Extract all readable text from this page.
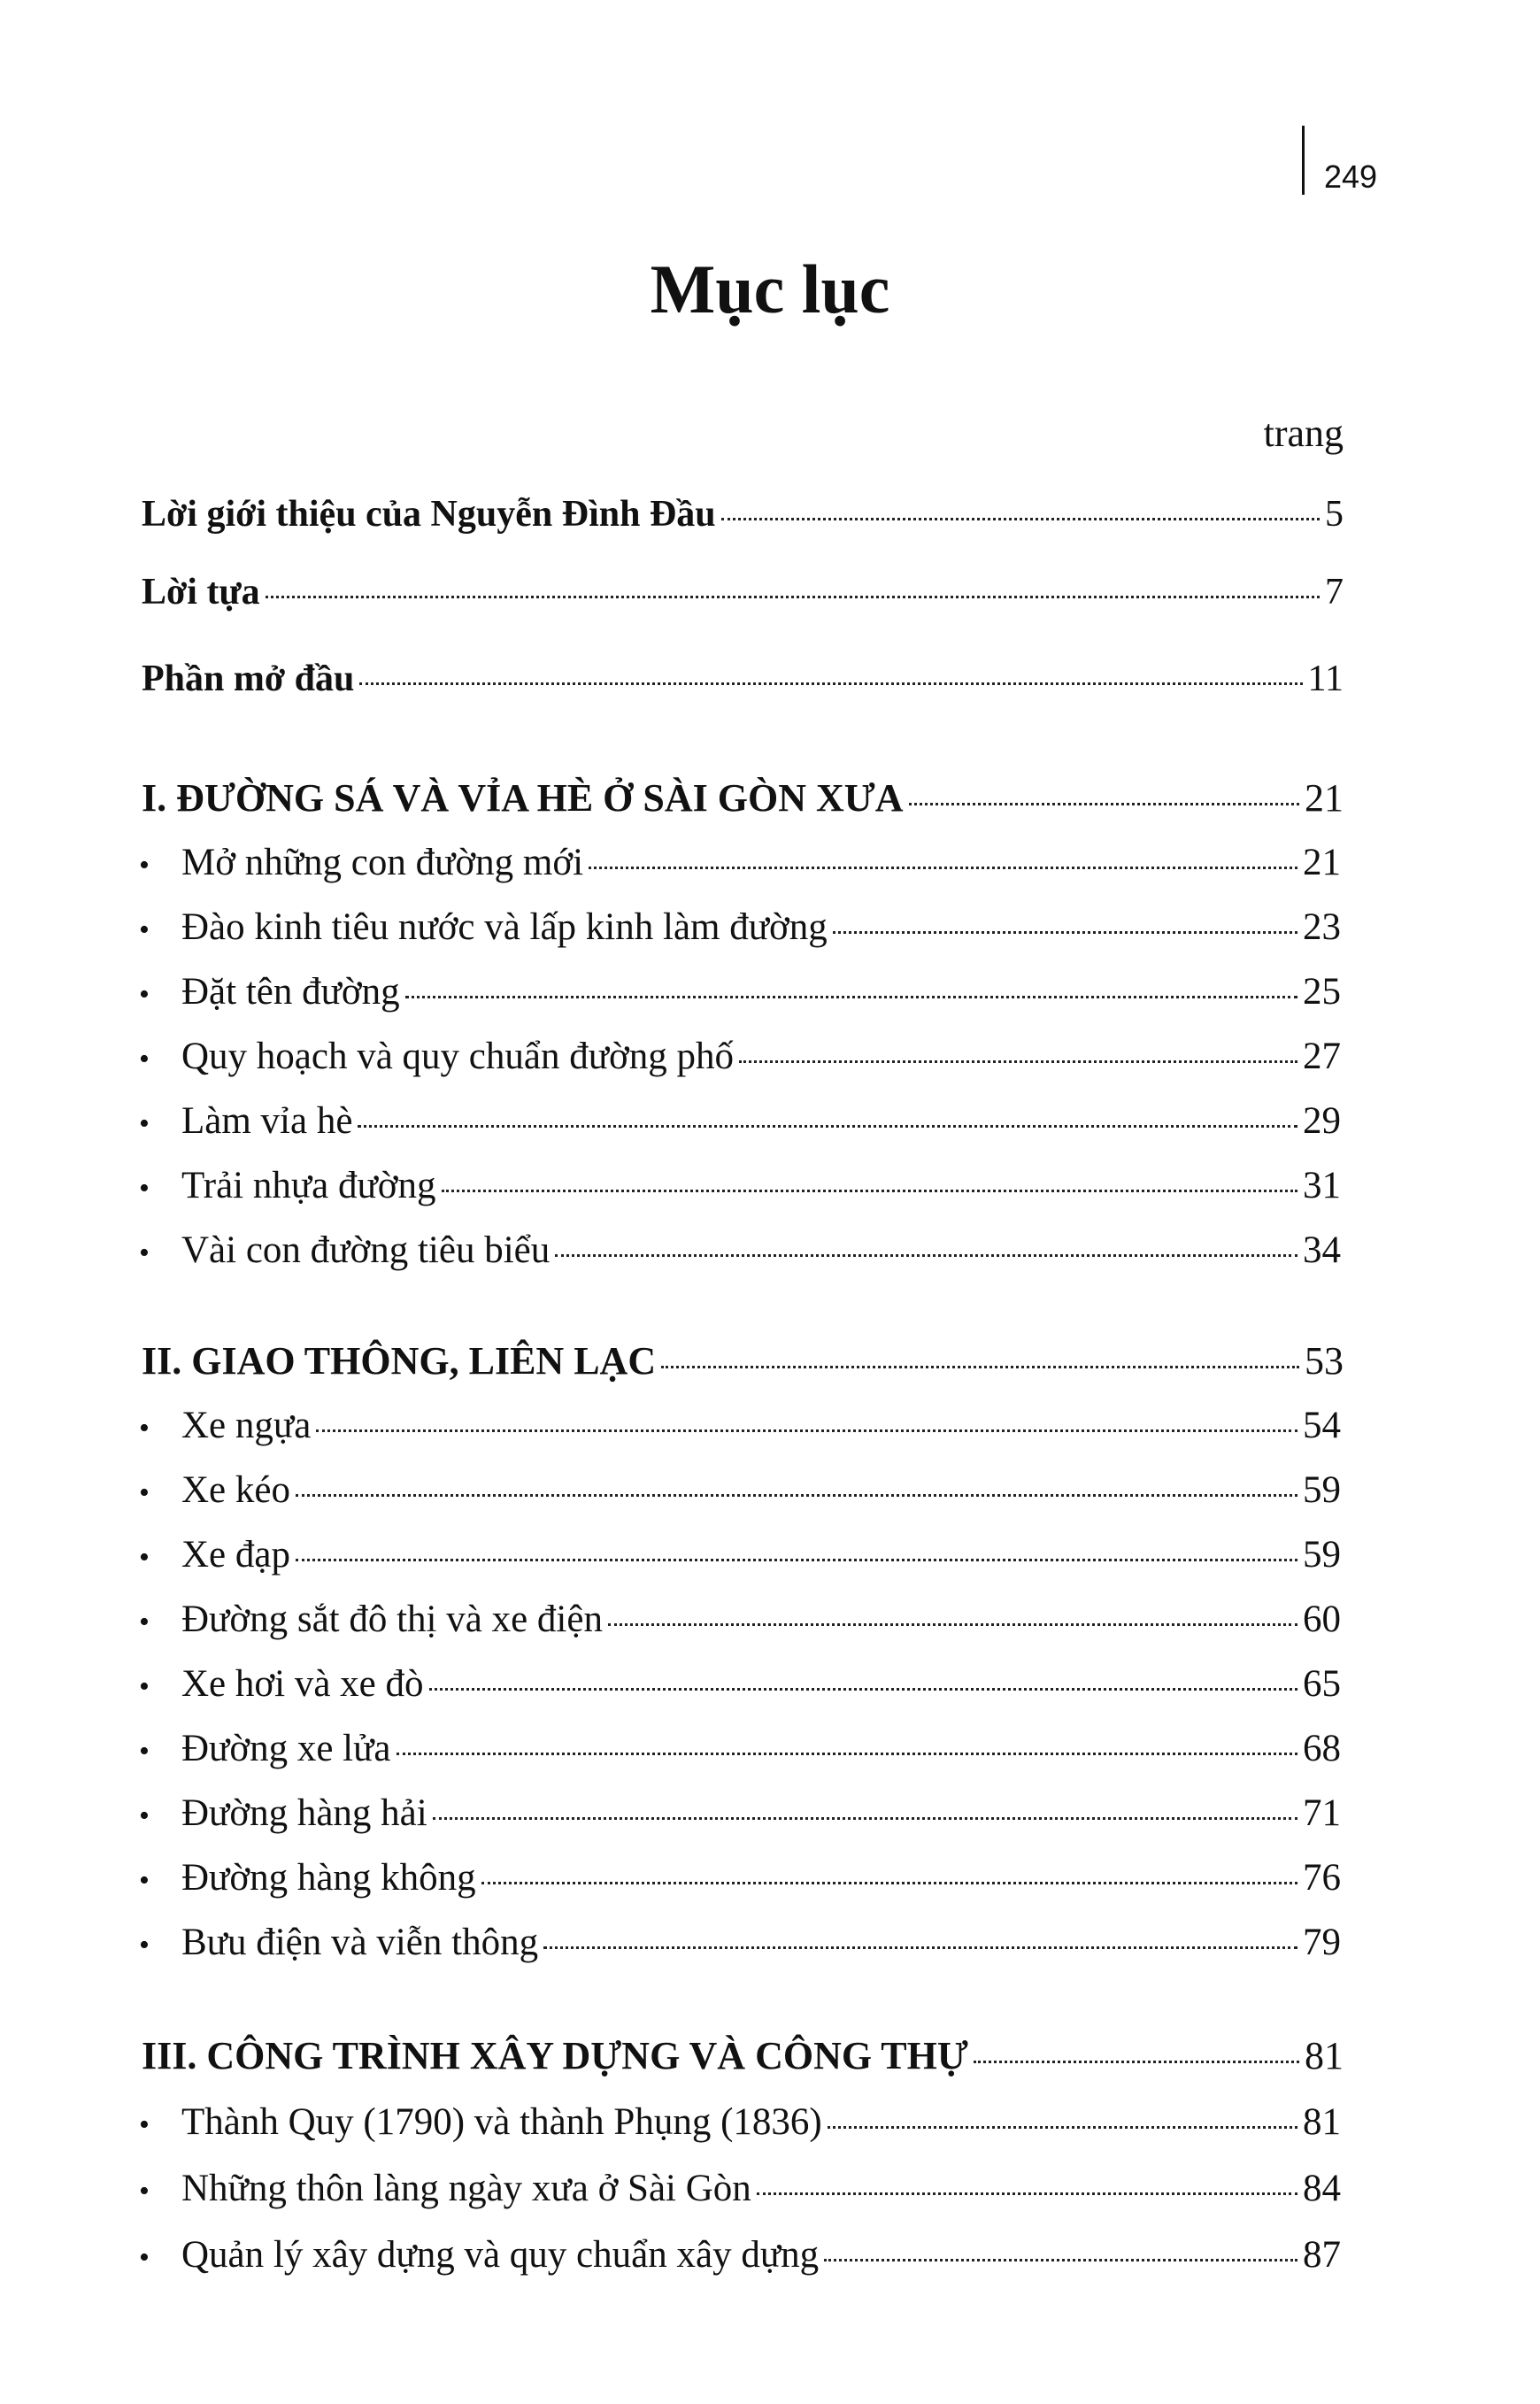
249
Mục lục
trang
Lời giới thiệu của Nguyễn Đình Đầu	5
Lời tựa	7
Phần mở đầu	11
I. ĐƯỜNG SÁ VÀ VỈA HÈ Ở SÀI GÒN XƯA	21
• Mở những con đường mới	21
• Đào kinh tiêu nước và lấp kinh làm đường	23
• Đặt tên đường	25
• Quy hoạch và quy chuẩn đường phố	27
• Làm vỉa hè	29
• Trải nhựa đường	31
• Vài con đường tiêu biểu	34
II. GIAO THÔNG, LIÊN LẠC	53
• Xe ngựa	54
• Xe kéo	59
• Xe đạp	59
• Đường sắt đô thị và xe điện	60
• Xe hơi và xe đò	65
• Đường xe lửa	68
• Đường hàng hải	71
• Đường hàng không	76
• Bưu điện và viễn thông	79
III. CÔNG TRÌNH XÂY DỰNG VÀ CÔNG THỰ	81
• Thành Quy (1790) và thành Phụng (1836)	81
• Những thôn làng ngày xưa ở Sài Gòn	84
• Quản lý xây dựng và quy chuẩn xây dựng	87
